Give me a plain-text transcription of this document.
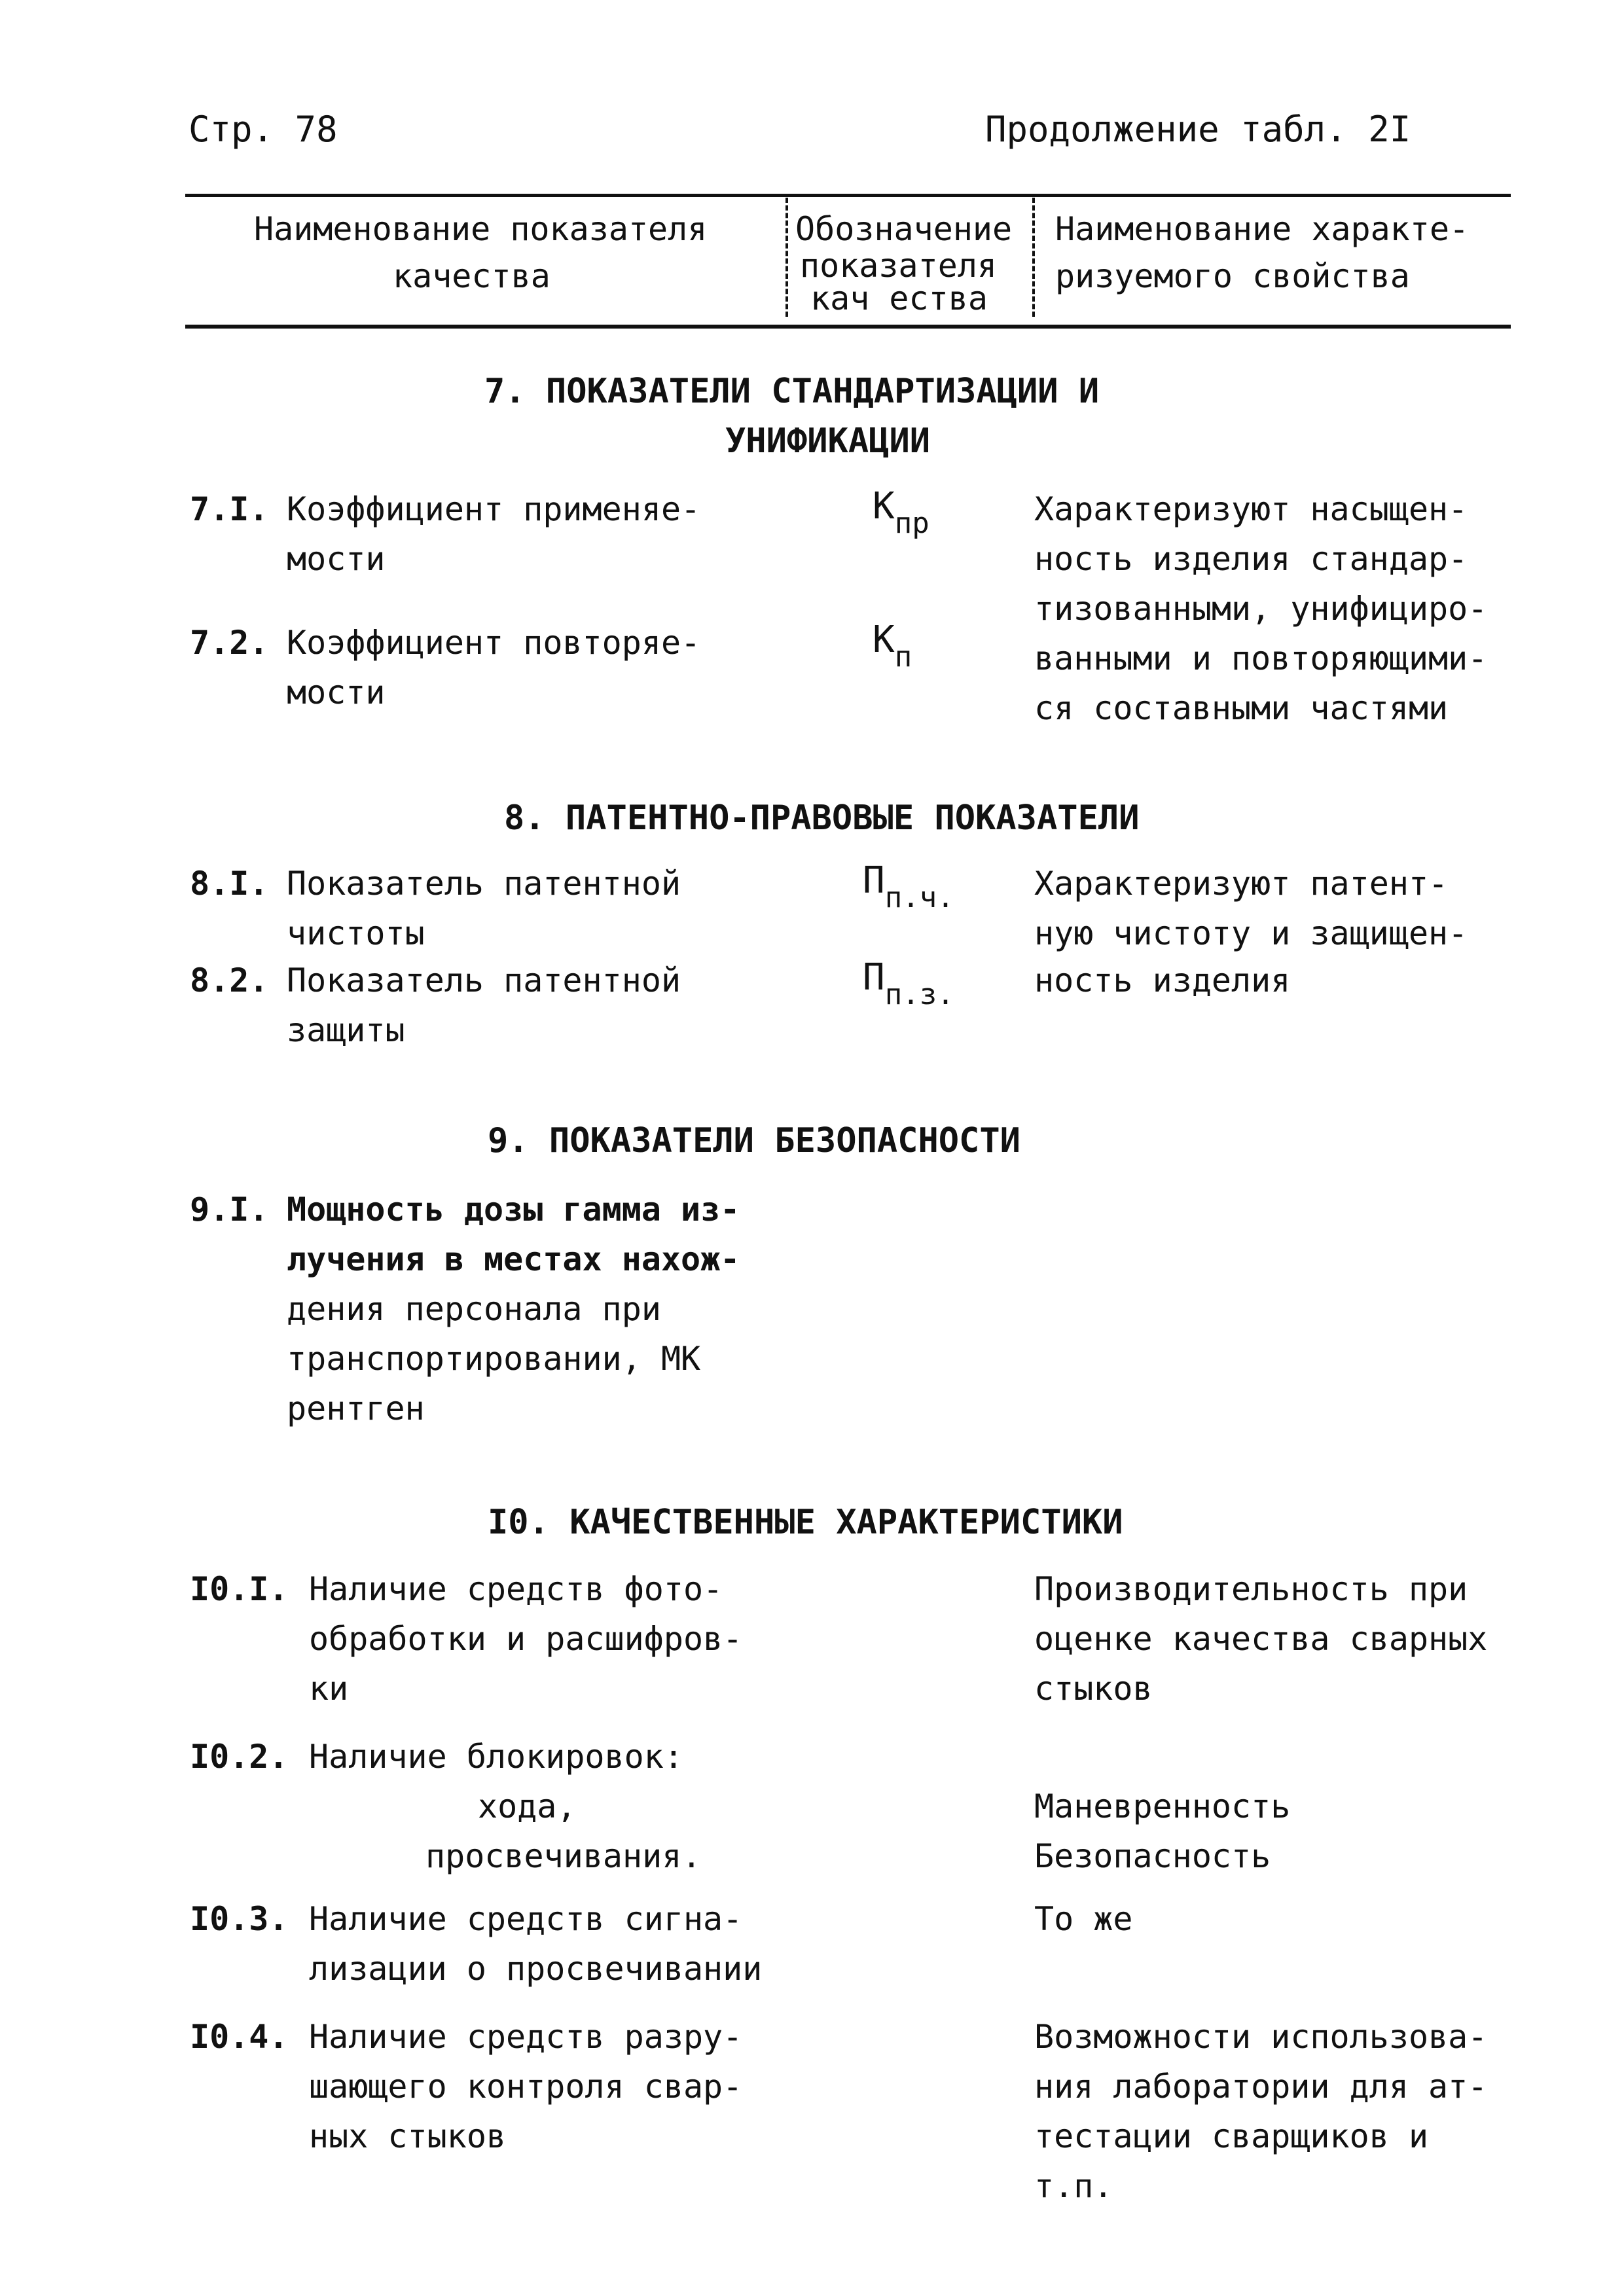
Стр. 78	Продолжение табл. 2I
Наименование показателя
качества
Обозначение
показателя
кач ества
Наименование характе-
ризуемого свойства
7. ПОКАЗАТЕЛИ СТАНДАРТИЗАЦИИ И
УНИФИКАЦИИ
7.I. Коэффициент применяе-
мости
$К_{пр}$
7.2. Коэффициент повторяе-
мости
$К_п$
Характеризуют насыщен-
ность изделия стандар-
тизованными, унифициро-
ванными и повторяющими-
ся составными частями
8. ПАТЕНТНО-ПРАВОВЫЕ ПОКАЗАТЕЛИ
8.I. Показатель патентной
чистоты
$П_{п.ч.}$
8.2. Показатель патентной
защиты
$П_{п.з.}$
Характеризуют патент-
ную чистоту и защищен-
ность изделия
9. ПОКАЗАТЕЛИ БЕЗОПАСНОСТИ
9.I. Мощность дозы гамма из-
лучения в местах нахож-
дения персонала при
транспортировании, МК
рентген
I0. КАЧЕСТВЕННЫЕ ХАРАКТЕРИСТИКИ
I0.I. Наличие средств фото-
обработки и расшифров-
ки
Производительность при
оценке качества сварных
стыков
I0.2. Наличие блокировок:
хода,
просвечивания.
Маневренность
Безопасность
I0.3. Наличие средств сигна-
лизации о просвечивании
То же
I0.4. Наличие средств разру-
шающего контроля свар-
ных стыков
Возможности использова-
ния лаборатории для ат-
тестации сварщиков и
т.п.
